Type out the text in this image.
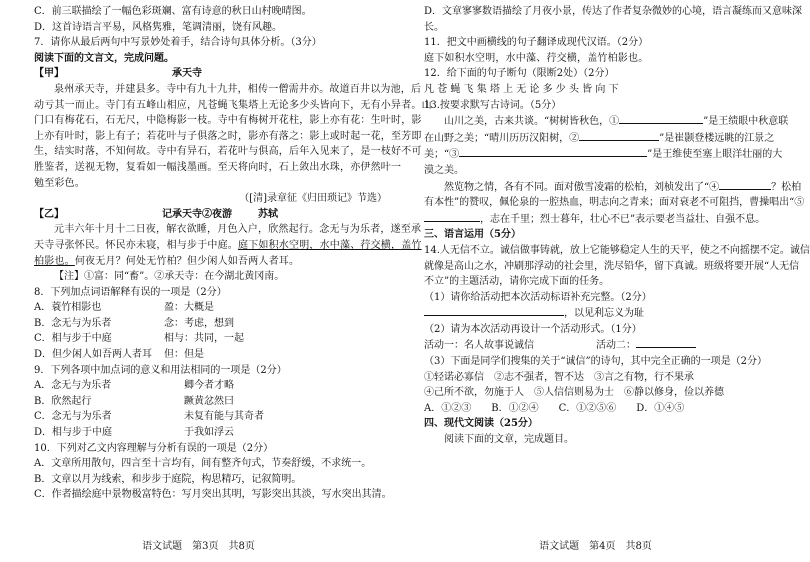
C．前三联描绘了一幅色彩斑斓、富有诗意的秋日山村晚晴图。
D．这首诗语言平易，风格隽雅，笔调清丽，饶有风趣。
7．请你从最后两句中写景妙处着手，结合诗句具体分析。（3分）
阅读下面的文言文，完成问题。
【甲】	承天寺
泉州承天寺，并建县多。寺中有九十九井，相传一僧需井亦。故道百井以为池，后
动亏其一而止。寺门有五峰山相应，凡苍蝇飞集塔上无论多少头皆向下，无有小异者。山
门口有梅花石，石无尺，中隐梅影一枝。寺中有梅树开花柱，影上亦有花：生叶时，影
上亦有叶时，影上有子；若花叶与子俱落之时，影亦有落之：影上或时起一花，至芳即
生，结实时落，不知何故。寺中有异石，若花叶与俱高，后年入见来了，是一枝好不可
胜鉴者，送视无物，复看如一幅浅墨画。至天将向时，石上敛出水珠，亦伊然叶一
勉至彩色。
（[清]录章征《归田琐记》节选）
【乙】	记承天寺②夜游	苏轼
元丰六年十月十二日夜，解衣欲睡，月色入户，欣然起行。念无与为乐者，遂至承
天寺寻张怀民。怀民亦未寝，相与步于中庭。庭下如积水空明，水中藻、荇交横，盖竹
柏影也。何夜无月？何处无竹柏？但少闲人如吾两人者耳。
【注】①富：同“畜”。②承天寺：在今湖北黄冈南。
8．下列加点词语解释有误的一项是（2分）
A．蓑竹相影也	盈：大概是
B．念无与为乐者	念：考虑，想到
C．相与步于中庭	相与：共同，一起
D．但少闲人如吾两人者耳	但：但是
9．下列各项中加点词的意义和用法相同的一项是（2分）
A．念无与为乐者	卿今者才略
B．欣然起行	蹶黄忿然曰
C．念无与为乐者	未复有能与其奇者
D．相与步于中庭	于我如浮云
10．下列对乙文内容理解与分析有误的一项是（2分）
A．文章所用散句，四言至十言均有，间有整齐句式，节奏舒缓，不求统一。
B．文章以月为线索，和步步于庭院，构思精巧，记叙简明。
C．作者描绘庭中景物极富特色：写月突出其明，写影突出其淡，写水突出其清。
语文试题　第3页　共8页
D．文章寥寥数语描绘了月夜小景，传达了作者复杂微妙的心境，语言凝练而又意味深
长。
11．把文中画横线的句子翻译成现代汉语。（2分）
庭下如积水空明，水中藻、荇交横，盖竹柏影也。
12．给下面的句子断句（限断2处）（2分）
凡 苍 蝇 飞 集 塔 上 无 论 多 少 头 皆 向 下
13.按要求默写古诗词。（5分）
山川之美，古来共谈。“树树皆秋色，①	”是王绩眼中秋意联
在山野之美；“晴川历历汉阳树，②	”是崔颢登楼远眺的江景之
美；“③	”是王维使至塞上眼洋壮丽的大
漠之美。
然览物之情，各有不同。面对傲雪凌霜的松柏，刘桢发出了“④	？松柏
有本性”的赞叹，佩伦泉的一腔热血，明志向之青来；面对衰老不可阻挡，曹操唱出“⑤
，志在千里；烈士暮年，壮心不已”表示要老当益壮、自强不息。
三、语言运用（5分）
14.人无信不立。诚信做事铸就，放上它能够稳定人生的天平，使之不向摇摆不定。诚信
就像是高山之水，冲刷那浮动的社会里，洗尽铅华，留下真诚。班级将要开展“人无信
不立”的主题活动，请你完成下面的任务。
（1）请你给活动把本次活动标语补充完整。（2分）
，以见利忘义为耻
（2）请为本次活动再设计一个活动形式。（1分）
活动一：名人故事说诚信	活动二：
（3）下面是同学们搜集的关于“诚信”的诗句，其中完全正确的一项是（2分）
①轻诺必寡信　②志不强者，智不达　③言之有物，行不果承
④己所不欲，勿施于人　⑤人信信则易为士　⑥静以修身，俭以养德
A．①②③　　B．①②④　　C．①②⑤⑥　　D．①④⑤
四、现代文阅读（25分）
阅读下面的文章，完成题目。
语文试题　第4页　共8页
